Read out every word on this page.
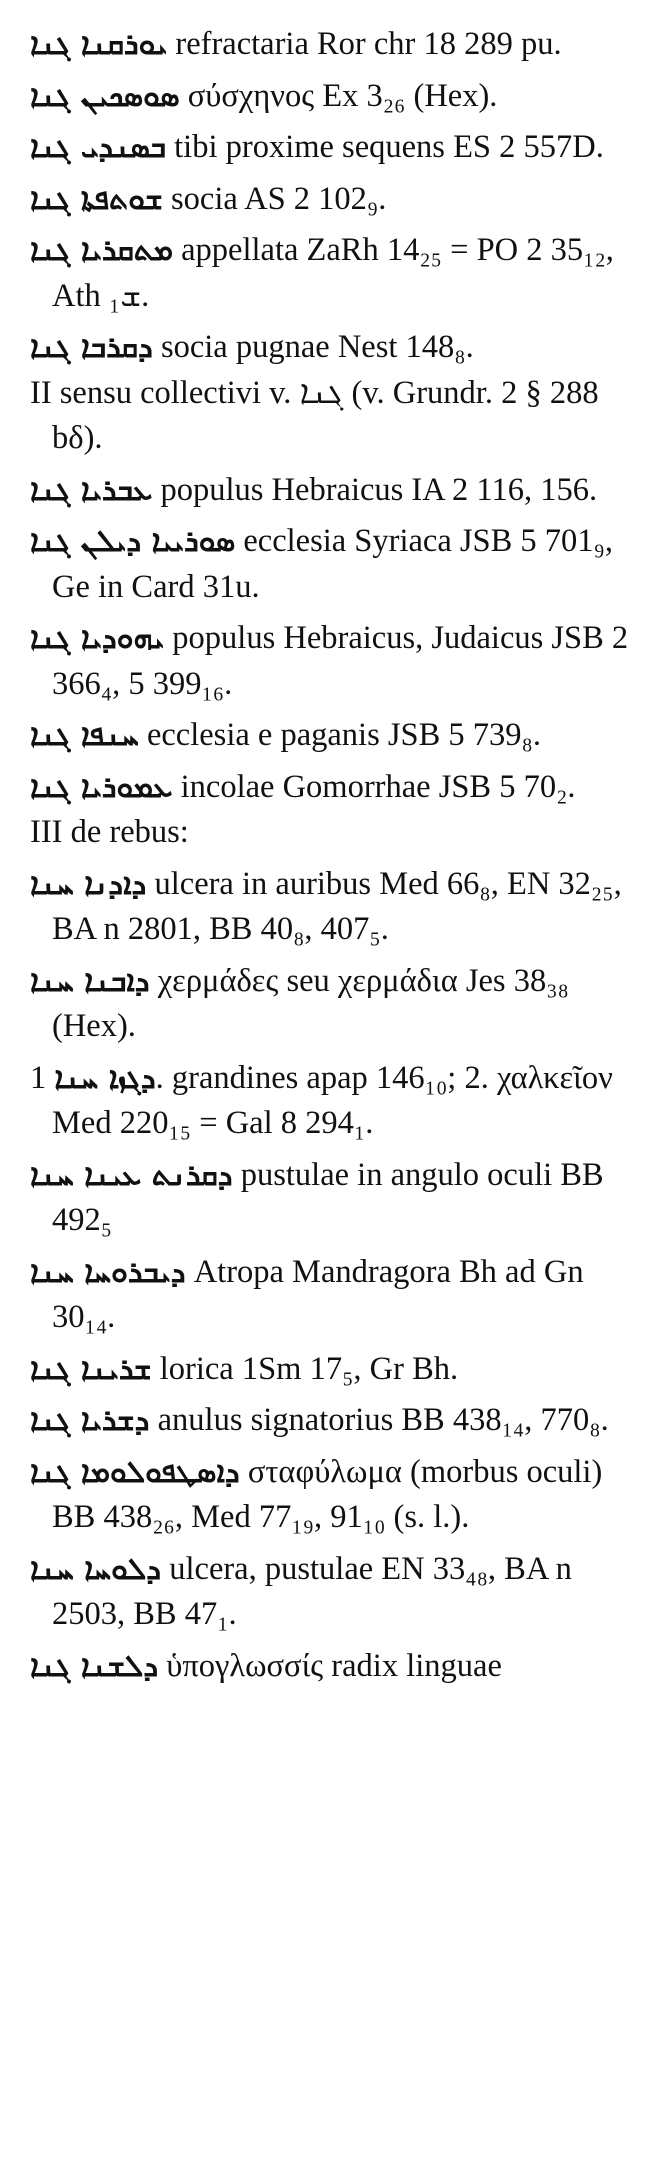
ܝܘܪܩܢܐ ܓܢܐ refractaria Ror chr 18 289 pu.

ܣܘܣܟܝܢ ܓܢܐ σύσχηνος Ex 3₂₆ (Hex).

ܒܣܢܕܝ ܓܢܐ tibi proxime sequens ES 2 557D.

ܫܘܬܦܬܐ ܓܢܐ socia AS 2 102₉.

ܡܬܩܪܝܐ ܓܢܐ appellata ZaRh 14₂₅ = PO 2 35₁₂, Ath ܫ₁.

ܕܩܪܒܐ ܓܢܐ socia pugnae Nest 148₈.

II sensu collectivi v. ܓܢܐ (v. Grundr. 2 § 288 bδ).

ܥܒܪܝܐ ܓܢܐ populus Hebraicus IA 2 116, 156.

ܣܘܪܝܝܐ ܕܝܠܢ ܓܢܐ ecclesia Syriaca JSB 5 701₉, Ge in Card 31u.

ܝܗܘܕܝܐ ܓܢܐ populus Hebraicus, Judaicus JSB 2 366₄, 5 399₁₆.

ܚܢܦܐ ܓܢܐ ecclesia e paganis JSB 5 739₈.

ܥܡܘܪܝܐ ܓܢܐ incolae Gomorrhae JSB 5 70₂.

III de rebus:

ܕܐܕܢܐ ܚܢܐ ulcera in auribus Med 66₈, EN 32₂₅, BA n 2801, BB 40₈, 407₅.

ܕܐܒܢܐ ܚܢܐ χερμάδες seu χερμάδια Jes 38₃₈ (Hex).

ܕܓܙܐ ܚܢܐ 1. grandines apap 146₁₀; 2. χαλκεῖον Med 220₁₅ = Gal 8 294₁.

ܕܩܪܢܬ ܥܝܢܐ ܚܢܐ pustulae in angulo oculi BB 492₅

ܕܝܒܪܘܚܐ ܚܢܐ Atropa Mandragora Bh ad Gn 30₁₄.

ܫܪܝܢܐ ܓܢܐ lorica 1Sm 17₅, Gr Bh.

ܕܫܪܝܐ ܓܢܐ anulus signatorius BB 438₁₄, 770₈.

ܕܐܣܛܦܘܠܘܡܐ ܓܢܐ σταφύλωμα (morbus oculi) BB 438₂₆, Med 77₁₉, 91₁₀ (s. l.).

ܕܠܘܚܐ ܚܢܐ ulcera, pustulae EN 33₄₈, BA n 2503, BB 47₁.

ܕܠܫܢܐ ܓܢܐ ὑπογλωσσίς radix linguae
